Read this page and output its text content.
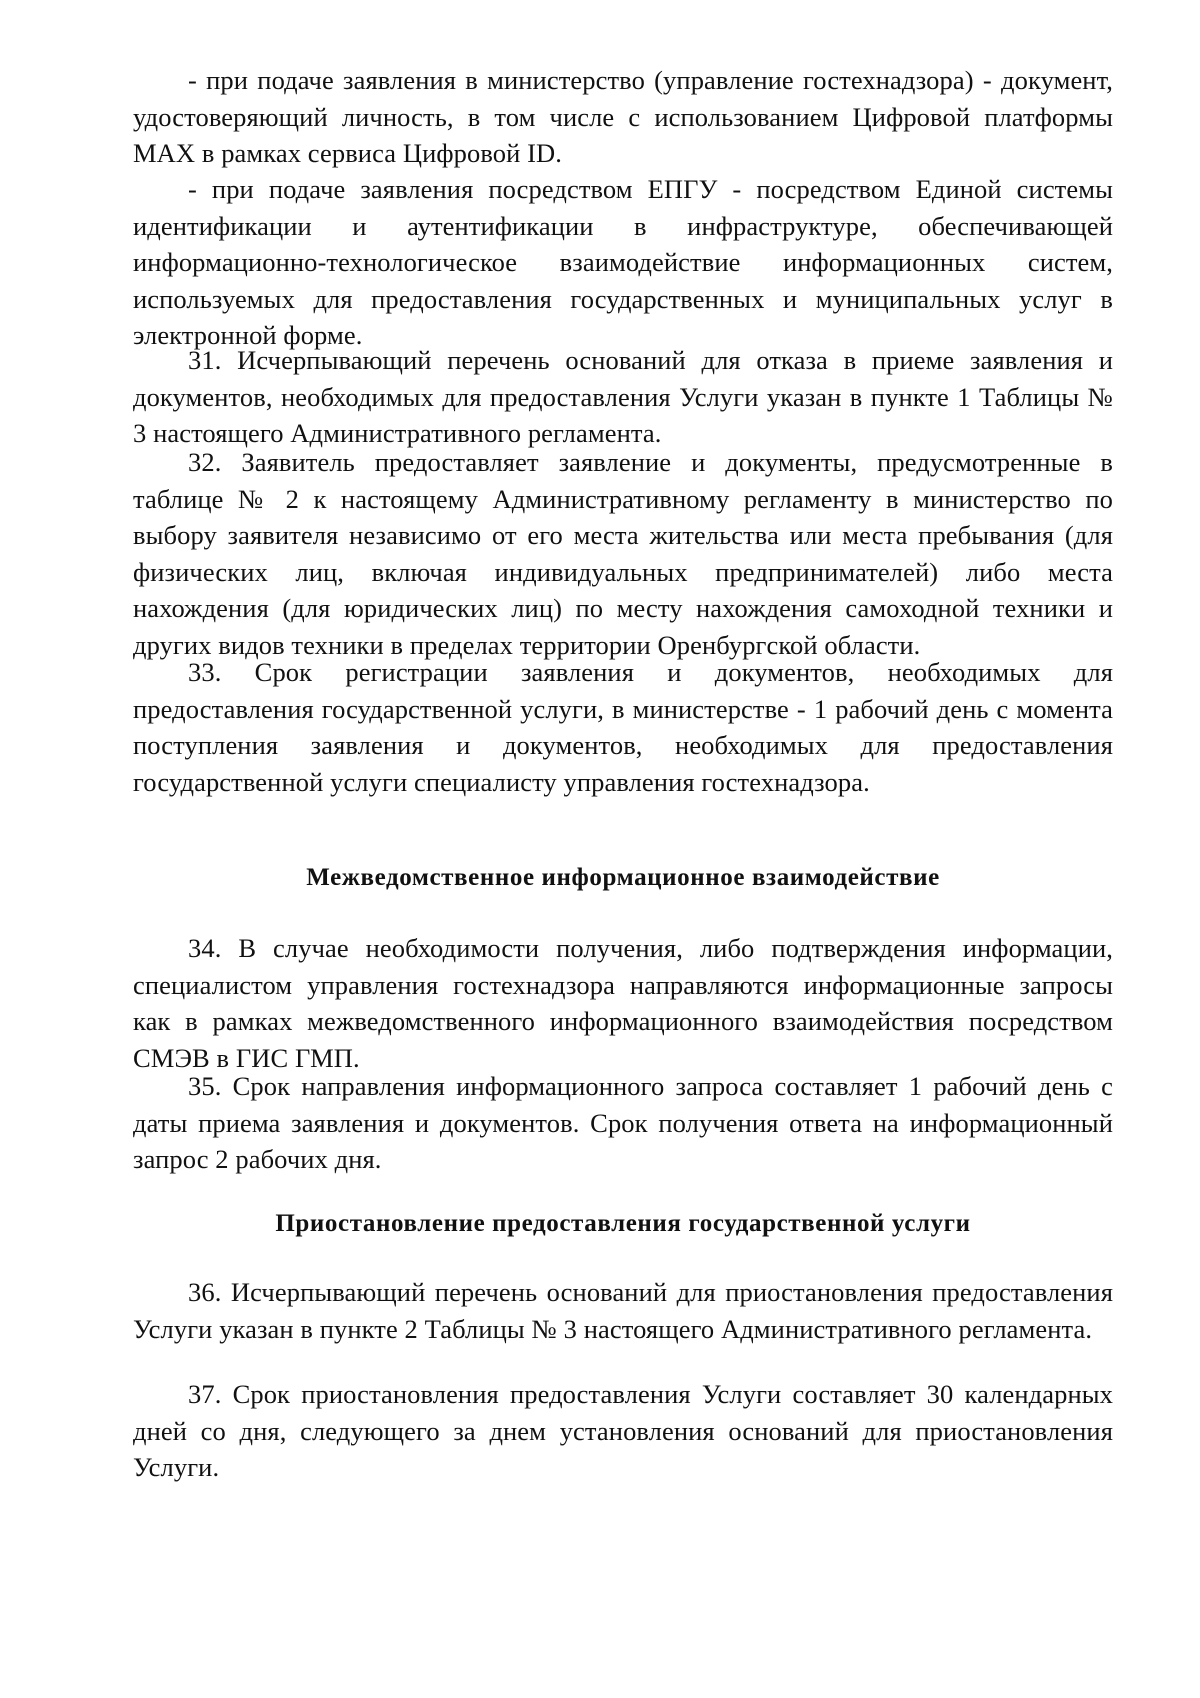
- при подаче заявления в министерство (управление гостехнадзора) - документ, удостоверяющий личность, в том числе с использованием Цифровой платформы МАХ в рамках сервиса Цифровой ID.

- при подаче заявления посредством ЕПГУ - посредством Единой системы идентификации и аутентификации в инфраструктуре, обеспечивающей информационно-технологическое взаимодействие информационных систем, используемых для предоставления государственных и муниципальных услуг в электронной форме.

31. Исчерпывающий перечень оснований для отказа в приеме заявления и документов, необходимых для предоставления Услуги указан в пункте 1 Таблицы № 3 настоящего Административного регламента.

32. Заявитель предоставляет заявление и документы, предусмотренные в таблице № 2 к настоящему Административному регламенту в министерство по выбору заявителя независимо от его места жительства или места пребывания (для физических лиц, включая индивидуальных предпринимателей) либо места нахождения (для юридических лиц) по месту нахождения самоходной техники и других видов техники в пределах территории Оренбургской области.

33. Срок регистрации заявления и документов, необходимых для предоставления государственной услуги, в министерстве - 1 рабочий день с момента поступления заявления и документов, необходимых для предоставления государственной услуги специалисту управления гостехнадзора.

Межведомственное информационное взаимодействие

34. В случае необходимости получения, либо подтверждения информации, специалистом управления гостехнадзора направляются информационные запросы как в рамках межведомственного информационного взаимодействия посредством СМЭВ в ГИС ГМП.

35. Срок направления информационного запроса составляет 1 рабочий день с даты приема заявления и документов. Срок получения ответа на информационный запрос 2 рабочих дня.

Приостановление предоставления государственной услуги

36. Исчерпывающий перечень оснований для приостановления предоставления Услуги указан в пункте 2 Таблицы № 3 настоящего Административного регламента.

37. Срок приостановления предоставления Услуги составляет 30 календарных дней со дня, следующего за днем установления оснований для приостановления Услуги.
